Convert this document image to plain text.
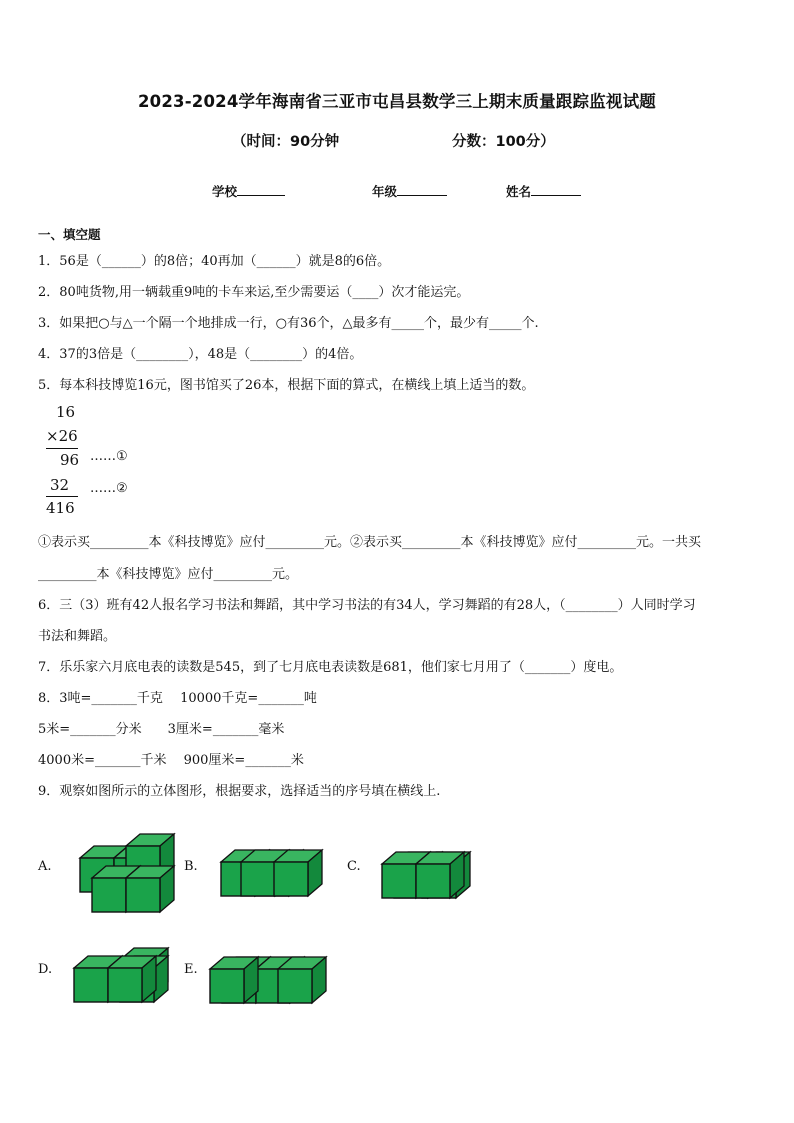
2023-2024学年海南省三亚市屯昌县数学三上期末质量跟踪监视试题
（时间：90分钟	分数：100分）
学校	年级	姓名
一、填空题
1．56是（______）的8倍；40再加（______）就是8的6倍。
2．80吨货物,用一辆载重9吨的卡车来运,至少需要运（____）次才能运完。
3．如果把○与△一个隔一个地排成一行，○有36个，△最多有_____个，最少有_____个.
4．37的3倍是（________），48是（________）的4倍。
5．每本科技博览16元，图书馆买了26本，根据下面的算式，在横线上填上适当的数。
16
×26
96 ……①
32 ……②
416
①表示买_________本《科技博览》应付_________元。②表示买_________本《科技博览》应付_________元。一共买
_________本《科技博览》应付_________元。
6．三（3）班有42人报名学习书法和舞蹈，其中学习书法的有34人，学习舞蹈的有28人，（________）人同时学习
书法和舞蹈。
7．乐乐家六月底电表的读数是545，到了七月底电表读数是681，他们家七月用了（_______）度电。
8．3吨=_______千克　 10000千克=_______吨
5米=_______分米　　3厘米=_______毫米
4000米=_______千米　 900厘米=_______米
9．观察如图所示的立体图形，根据要求，选择适当的序号填在横线上.
A.	B.	C.
D.	E.
